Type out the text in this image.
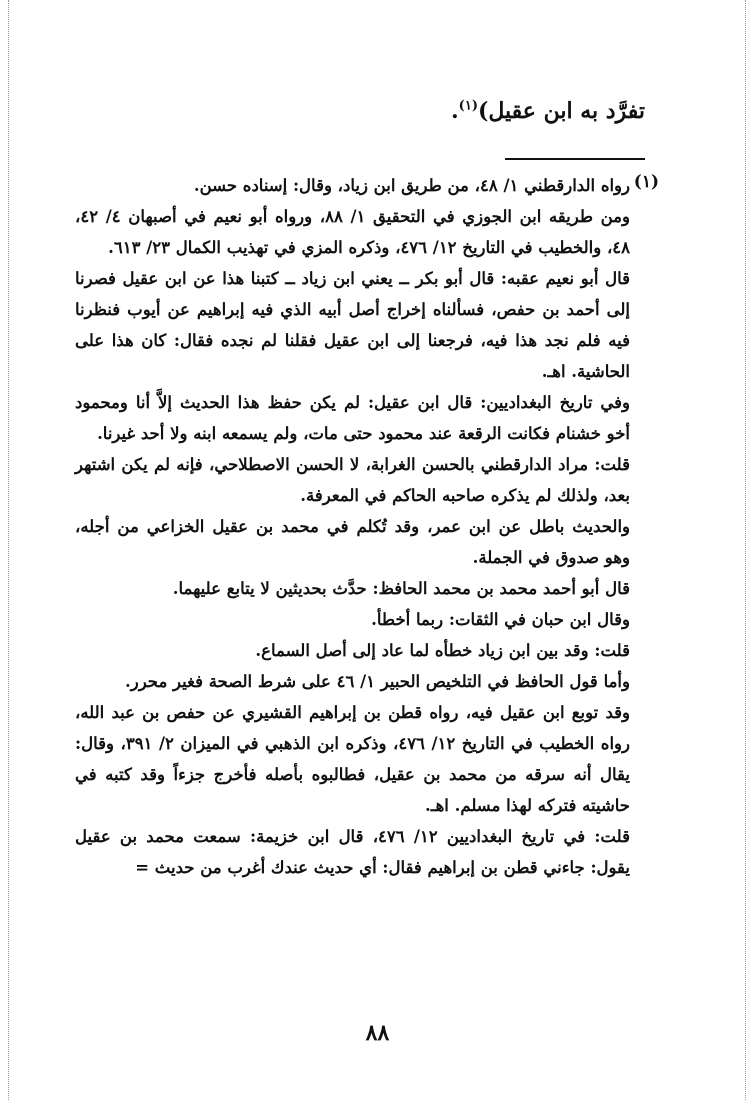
تفرَّد به ابن عقيل)$^{(١)}$.
(١)

رواه الدارقطني ١/ ٤٨، من طريق ابن زياد، وقال: إسناده حسن.

ومن طريقه ابن الجوزي في التحقيق ١/ ٨٨، ورواه أبو نعيم في أصبهان ٤/ ٤٢، ٤٨، والخطيب في التاريخ ١٢/ ٤٧٦، وذكره المزي في تهذيب الكمال ٢٣/ ٦١٣.

قال أبو نعيم عقبه: قال أبو بكر ــ يعني ابن زياد ــ كتبنا هذا عن ابن عقيل فصرنا إلى أحمد بن حفص، فسألناه إخراج أصل أبيه الذي فيه إبراهيم عن أيوب فنظرنا فيه فلم نجد هذا فيه، فرجعنا إلى ابن عقيل فقلنا لم نجده فقال: كان هذا على الحاشية. اهـ.

وفي تاريخ البغداديين: قال ابن عقيل: لم يكن حفظ هذا الحديث إلاَّ أنا ومحمود أخو خشنام فكانت الرقعة عند محمود حتى مات، ولم يسمعه ابنه ولا أحد غيرنا.

قلت: مراد الدارقطني بالحسن الغرابة، لا الحسن الاصطلاحي، فإنه لم يكن اشتهر بعد، ولذلك لم يذكره صاحبه الحاكم في المعرفة.

والحديث باطل عن ابن عمر، وقد تُكلم في محمد بن عقيل الخزاعي من أجله، وهو صدوق في الجملة.

قال أبو أحمد محمد بن محمد الحافظ: حدَّث بحديثين لا يتابع عليهما.

وقال ابن حبان في الثقات: ربما أخطأ.

قلت: وقد بين ابن زياد خطأه لما عاد إلى أصل السماع.

وأما قول الحافظ في التلخيص الحبير ١/ ٤٦ على شرط الصحة فغير محرر.

وقد توبع ابن عقيل فيه، رواه قطن بن إبراهيم القشيري عن حفص بن عبد الله، رواه الخطيب في التاريخ ١٢/ ٤٧٦، وذكره ابن الذهبي في الميزان ٢/ ٣٩١، وقال: يقال أنه سرقه من محمد بن عقيل، فطالبوه بأصله فأخرج جزءاً وقد كتبه في حاشيته فتركه لهذا مسلم. اهـ.

قلت: في تاريخ البغداديين ١٢/ ٤٧٦، قال ابن خزيمة: سمعت محمد بن عقيل يقول: جاءني قطن بن إبراهيم فقال: أي حديث عندك أغرب من حديث =

٨٨
